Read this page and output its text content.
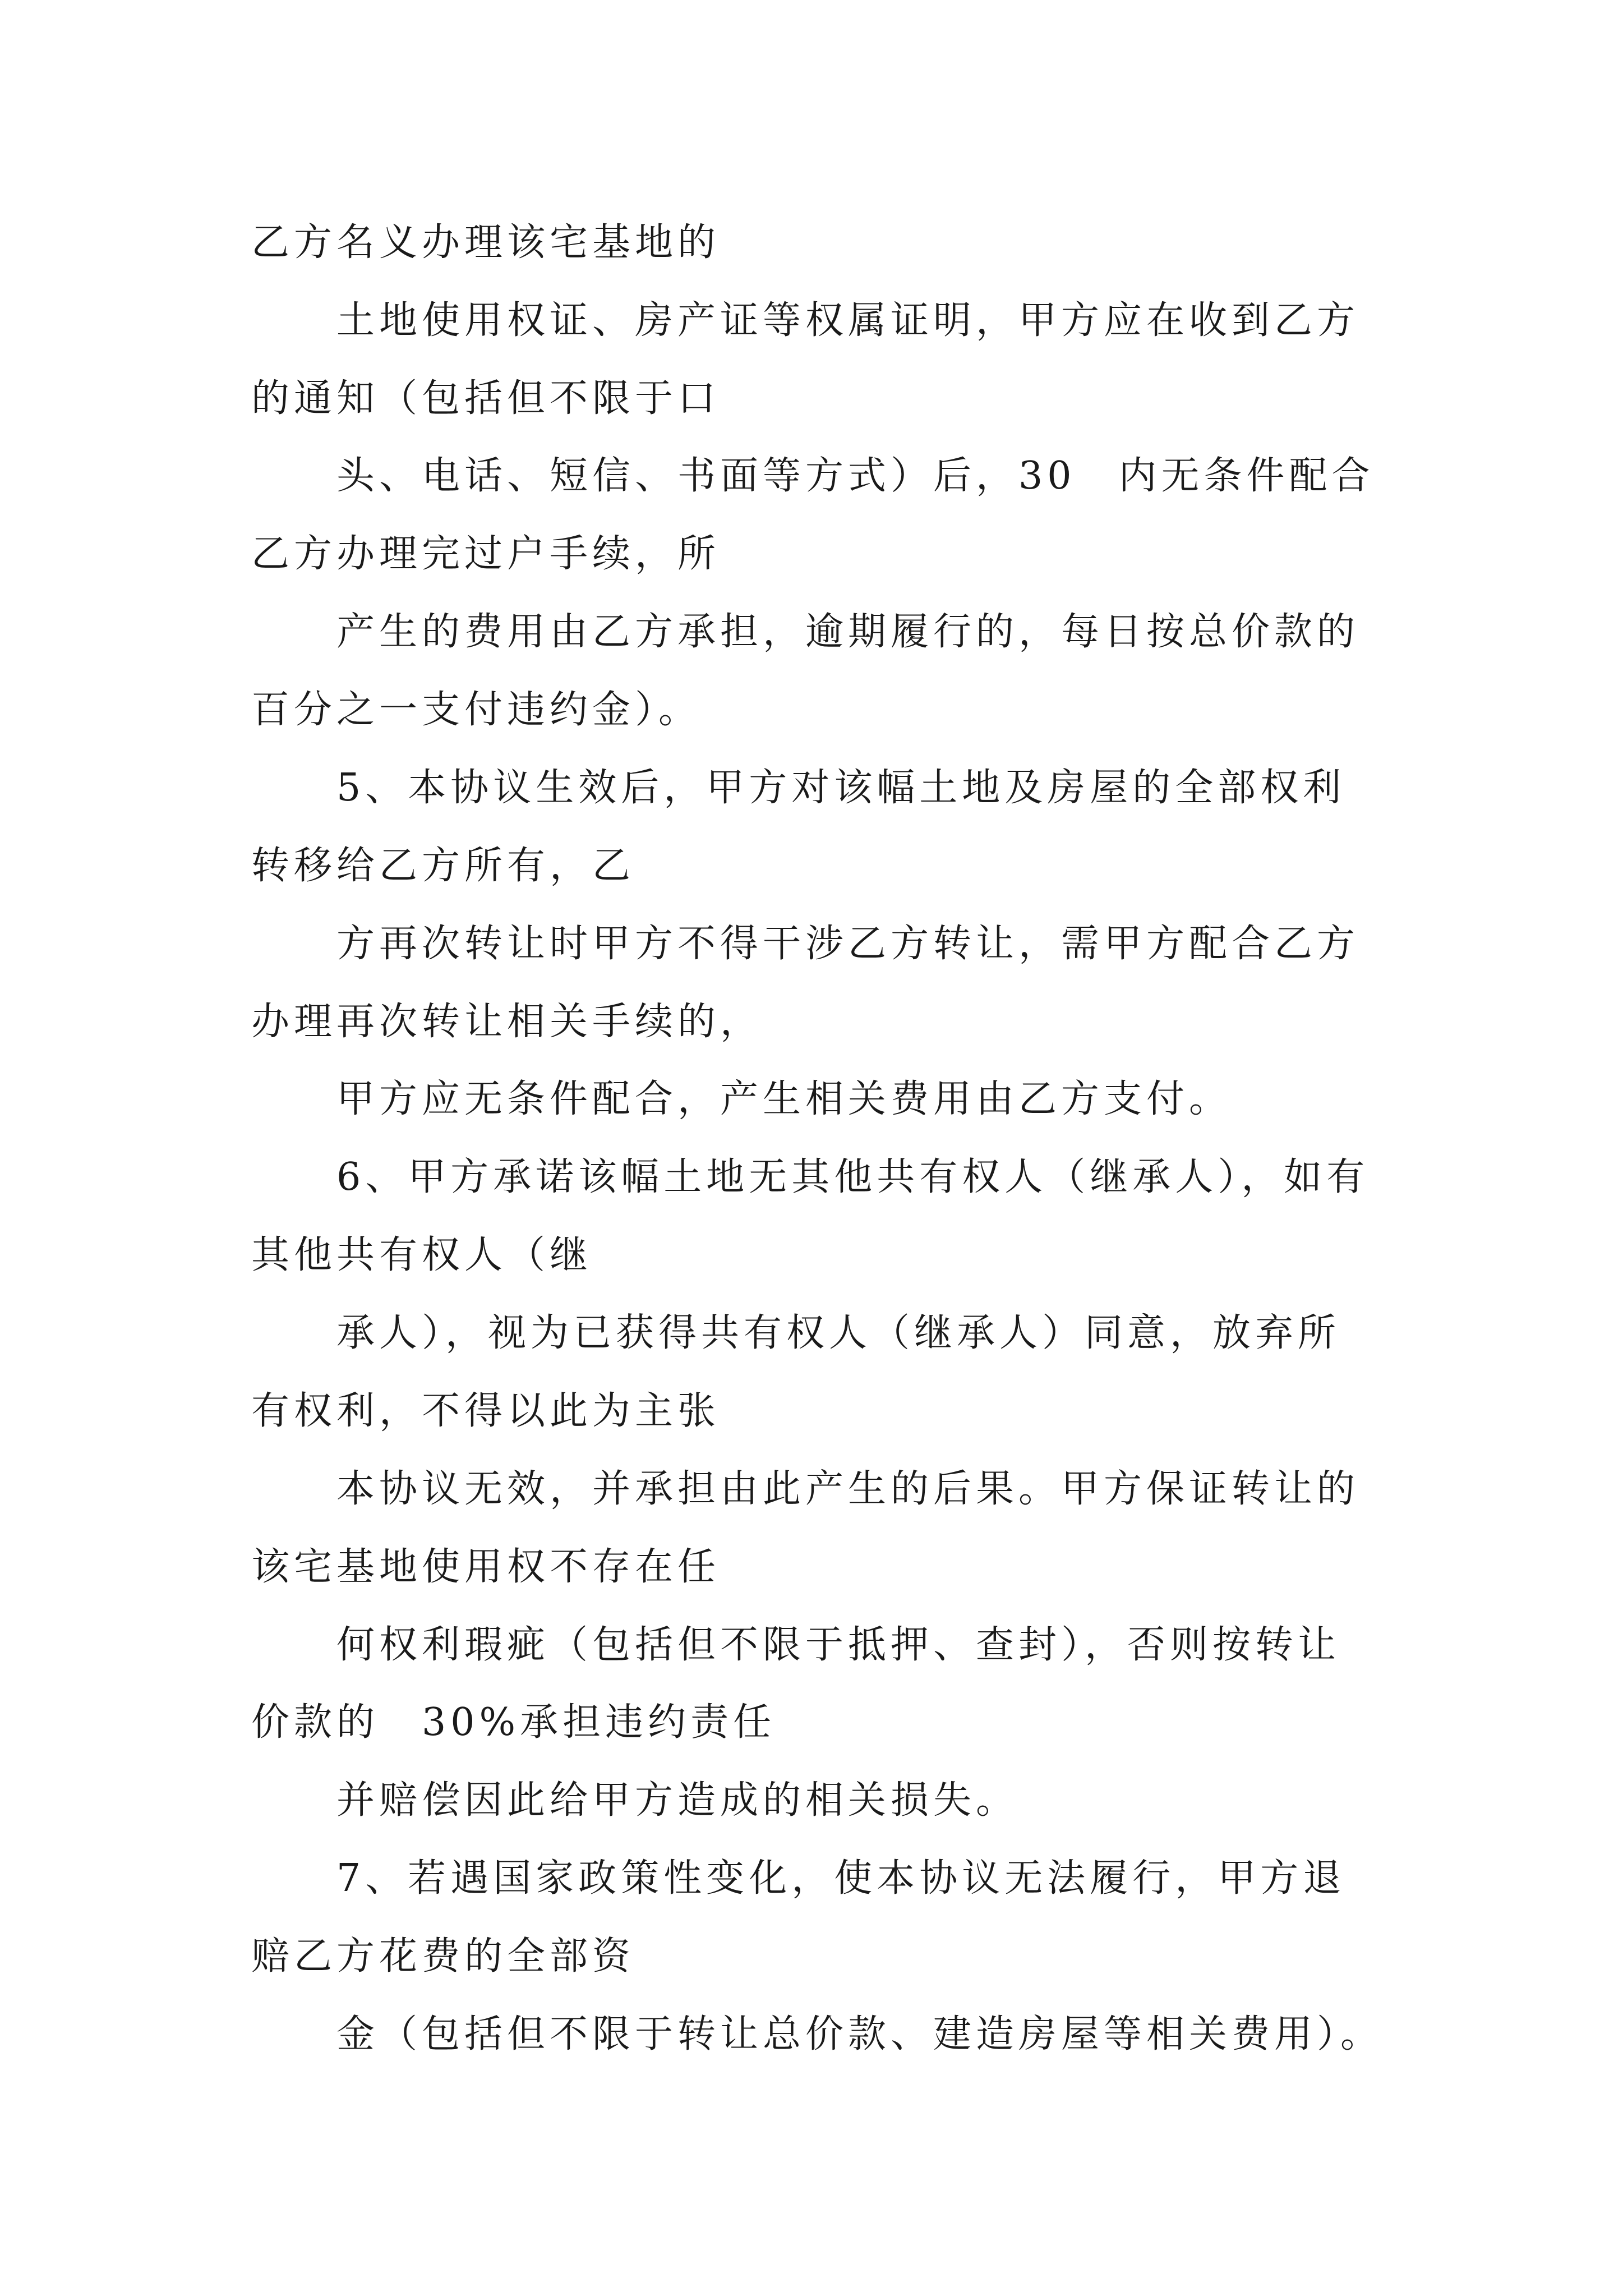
乙方名义办理该宅基地的
土地使用权证、房产证等权属证明，甲方应在收到乙方
的通知（包括但不限于口
头、电话、短信、书面等方式）后，30　内无条件配合
乙方办理完过户手续，所
产生的费用由乙方承担，逾期履行的，每日按总价款的
百分之一支付违约金）。
5、本协议生效后，甲方对该幅土地及房屋的全部权利
转移给乙方所有，乙
方再次转让时甲方不得干涉乙方转让，需甲方配合乙方
办理再次转让相关手续的，
甲方应无条件配合，产生相关费用由乙方支付。
6、甲方承诺该幅土地无其他共有权人（继承人），如有
其他共有权人（继
承人），视为已获得共有权人（继承人）同意，放弃所
有权利，不得以此为主张
本协议无效，并承担由此产生的后果。甲方保证转让的
该宅基地使用权不存在任
何权利瑕疵（包括但不限于抵押、查封），否则按转让
价款的　30%承担违约责任
并赔偿因此给甲方造成的相关损失。
7、若遇国家政策性变化，使本协议无法履行，甲方退
赔乙方花费的全部资
金（包括但不限于转让总价款、建造房屋等相关费用）。
